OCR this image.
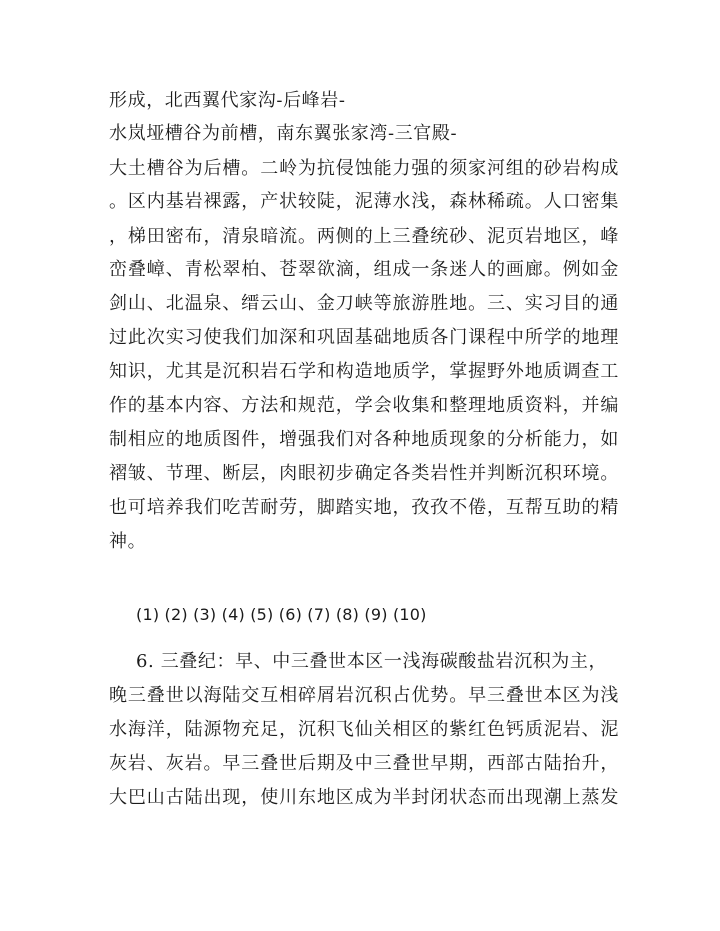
形成，北西翼代家沟-后峰岩-
水岚垭槽谷为前槽，南东翼张家湾-三官殿-
大土槽谷为后槽。二岭为抗侵蚀能力强的须家河组的砂岩构成
。区内基岩裸露，产状较陡，泥薄水浅，森林稀疏。人口密集
，梯田密布，清泉暗流。两侧的上三叠统砂、泥页岩地区，峰
峦叠嶂、青松翠柏、苍翠欲滴，组成一条迷人的画廊。例如金
剑山、北温泉、缙云山、金刀峡等旅游胜地。三、实习目的通
过此次实习使我们加深和巩固基础地质各门课程中所学的地理
知识，尤其是沉积岩石学和构造地质学，掌握野外地质调查工
作的基本内容、方法和规范，学会收集和整理地质资料，并编
制相应的地质图件，增强我们对各种地质现象的分析能力，如
褶皱、节理、断层，肉眼初步确定各类岩性并判断沉积环境。
也可培养我们吃苦耐劳，脚踏实地，孜孜不倦，互帮互助的精
神。
(1) (2) (3) (4) (5) (6) (7) (8) (9) (10)
6. 三叠纪：早、中三叠世本区一浅海碳酸盐岩沉积为主，
晚三叠世以海陆交互相碎屑岩沉积占优势。早三叠世本区为浅
水海洋，陆源物充足，沉积飞仙关相区的紫红色钙质泥岩、泥
灰岩、灰岩。早三叠世后期及中三叠世早期，西部古陆抬升，
大巴山古陆出现，使川东地区成为半封闭状态而出现潮上蒸发
